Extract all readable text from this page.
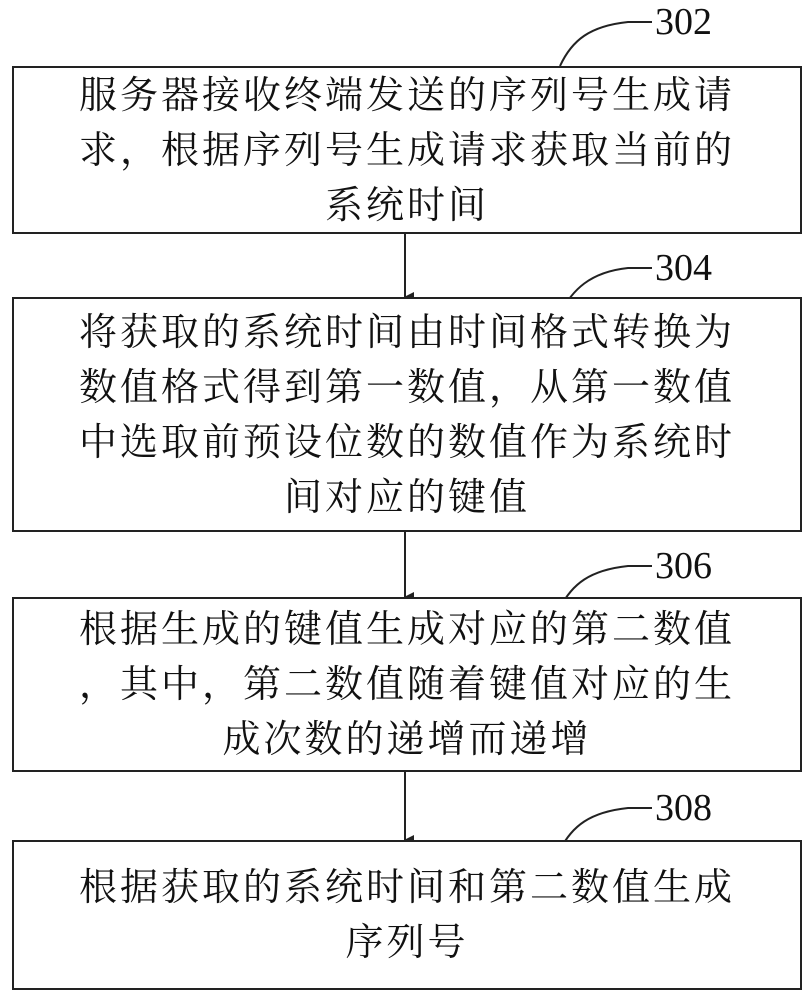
302
服务器接收终端发送的序列号生成请
求，根据序列号生成请求获取当前的
系统时间
304
将获取的系统时间由时间格式转换为
数值格式得到第一数值，从第一数值
中选取前预设位数的数值作为系统时
间对应的键值
306
根据生成的键值生成对应的第二数值
，其中，第二数值随着键值对应的生
成次数的递增而递增
308
根据获取的系统时间和第二数值生成
序列号
